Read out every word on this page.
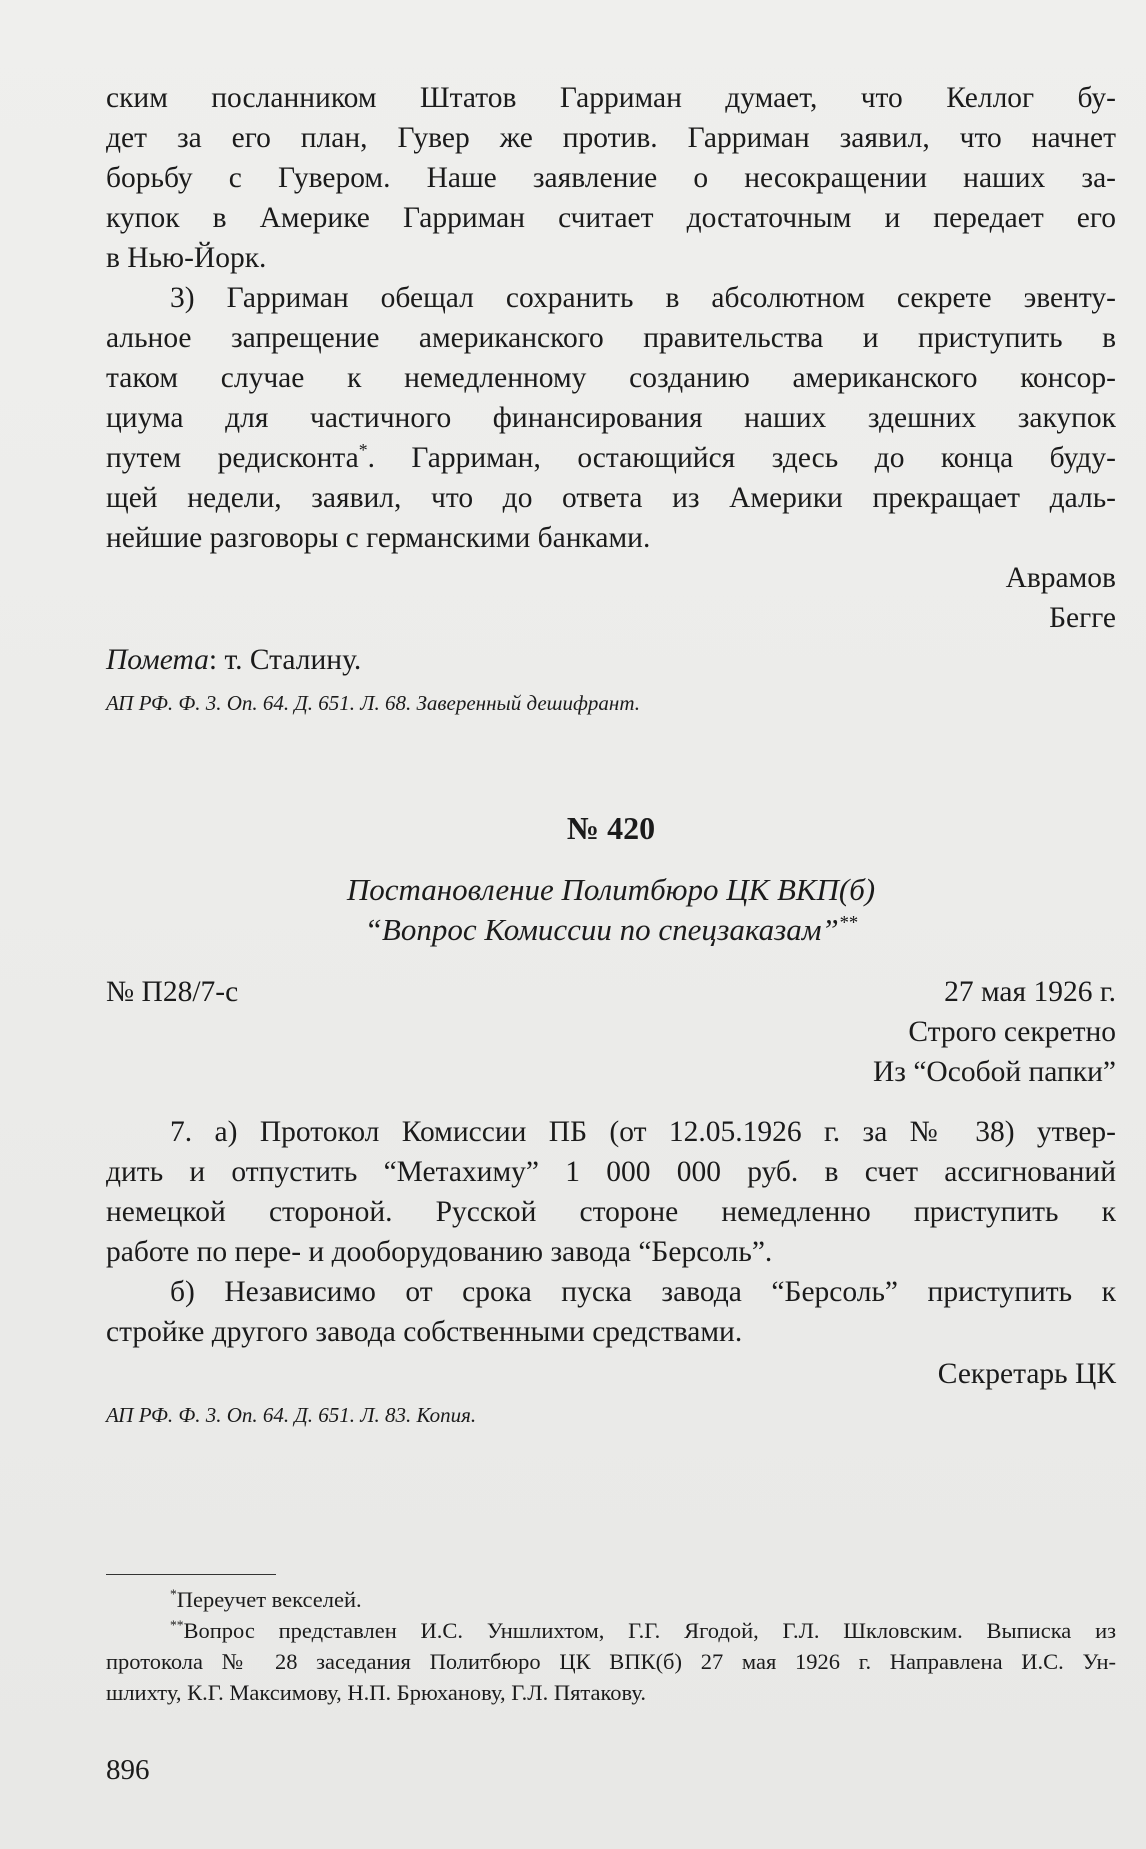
ским посланником Штатов Гарриман думает, что Келлог бу-

дет за его план, Гувер же против. Гарриман заявил, что начнет

борьбу с Гувером. Наше заявление о несокращении наших за-

купок в Америке Гарриман считает достаточным и передает его

в Нью-Йорк.

3) Гарриман обещал сохранить в абсолютном секрете эвенту-

альное запрещение американского правительства и приступить в

таком случае к немедленному созданию американского консор-

циума для частичного финансирования наших здешних закупок

путем редисконта*. Гарриман, остающийся здесь до конца буду-

щей недели, заявил, что до ответа из Америки прекращает даль-

нейшие разговоры с германскими банками.

Аврамов

Бегге

Помета: т. Сталину.

АП РФ. Ф. 3. Оп. 64. Д. 651. Л. 68. Заверенный дешифрант.

№ 420

Постановление Политбюро ЦК ВКП(б)

“Вопрос Комиссии по спецзаказам”**

№ П28/7-с	27 мая 1926 г.

Строго секретно

Из “Особой папки”

7. а) Протокол Комиссии ПБ (от 12.05.1926 г. за № 38) утвер-

дить и отпустить “Метахиму” 1 000 000 руб. в счет ассигнований

немецкой стороной. Русской стороне немедленно приступить к

работе по пере- и дооборудованию завода “Берсоль”.

б) Независимо от срока пуска завода “Берсоль” приступить к

стройке другого завода собственными средствами.

Секретарь ЦК

АП РФ. Ф. 3. Оп. 64. Д. 651. Л. 83. Копия.

*Переучет векселей.

**Вопрос представлен И.С. Уншлихтом, Г.Г. Ягодой, Г.Л. Шкловским. Выписка из

протокола № 28 заседания Политбюро ЦК ВПК(б) 27 мая 1926 г. Направлена И.С. Ун-

шлихту, К.Г. Максимову, Н.П. Брюханову, Г.Л. Пятакову.

896
